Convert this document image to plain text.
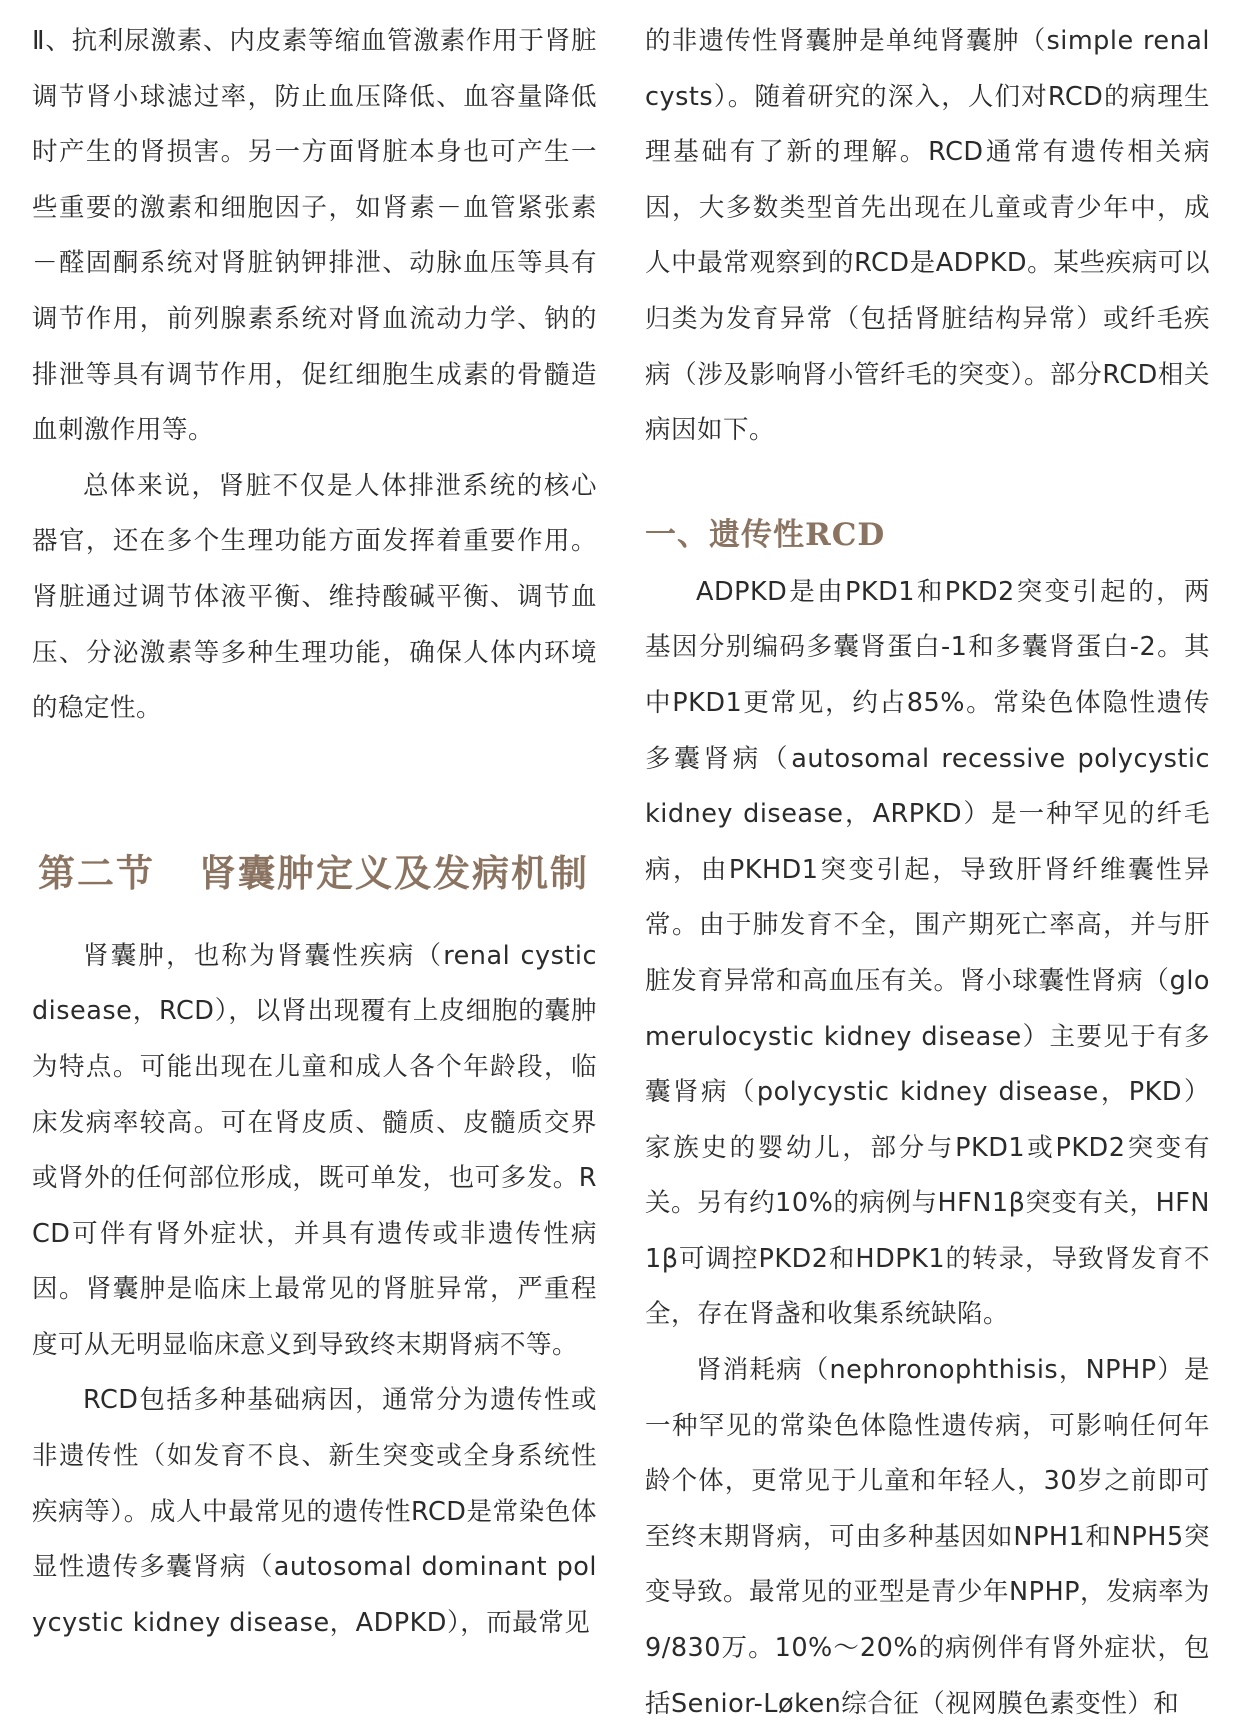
Ⅱ、抗利尿激素、内皮素等缩血管激素作用于肾脏调节肾小球滤过率，防止血压降低、血容量降低时产生的肾损害。另一方面肾脏本身也可产生一些重要的激素和细胞因子，如肾素－血管紧张素－醛固酮系统对肾脏钠钾排泄、动脉血压等具有调节作用，前列腺素系统对肾血流动力学、钠的排泄等具有调节作用，促红细胞生成素的骨髓造血刺激作用等。

总体来说，肾脏不仅是人体排泄系统的核心器官，还在多个生理功能方面发挥着重要作用。肾脏通过调节体液平衡、维持酸碱平衡、调节血压、分泌激素等多种生理功能，确保人体内环境的稳定性。

第二节 肾囊肿定义及发病机制

肾囊肿，也称为肾囊性疾病（renal cystic disease，RCD），以肾出现覆有上皮细胞的囊肿为特点。可能出现在儿童和成人各个年龄段，临床发病率较高。可在肾皮质、髓质、皮髓质交界或肾外的任何部位形成，既可单发，也可多发。RCD可伴有肾外症状，并具有遗传或非遗传性病因。肾囊肿是临床上最常见的肾脏异常，严重程度可从无明显临床意义到导致终末期肾病不等。

RCD包括多种基础病因，通常分为遗传性或非遗传性（如发育不良、新生突变或全身系统性疾病等）。成人中最常见的遗传性RCD是常染色体显性遗传多囊肾病（autosomal dominant polycystic kidney disease，ADPKD），而最常见

的非遗传性肾囊肿是单纯肾囊肿（simple renal cysts）。随着研究的深入，人们对RCD的病理生理基础有了新的理解。RCD通常有遗传相关病因，大多数类型首先出现在儿童或青少年中，成人中最常观察到的RCD是ADPKD。某些疾病可以归类为发育异常（包括肾脏结构异常）或纤毛疾病（涉及影响肾小管纤毛的突变）。部分RCD相关病因如下。

一、遗传性RCD

ADPKD是由PKD1和PKD2突变引起的，两基因分别编码多囊肾蛋白-1和多囊肾蛋白-2。其中PKD1更常见，约占85%。常染色体隐性遗传多囊肾病（autosomal recessive polycystic kidney disease，ARPKD）是一种罕见的纤毛病，由PKHD1突变引起，导致肝肾纤维囊性异常。由于肺发育不全，围产期死亡率高，并与肝脏发育异常和高血压有关。肾小球囊性肾病（glomerulocystic kidney disease）主要见于有多囊肾病（polycystic kidney disease，PKD）家族史的婴幼儿，部分与PKD1或PKD2突变有关。另有约10%的病例与HFN1β突变有关，HFN1β可调控PKD2和HDPK1的转录，导致肾发育不全，存在肾盏和收集系统缺陷。

肾消耗病（nephronophthisis，NPHP）是一种罕见的常染色体隐性遗传病，可影响任何年龄个体，更常见于儿童和年轻人，30岁之前即可至终末期肾病，可由多种基因如NPH1和NPH5突变导致。最常见的亚型是青少年NPHP，发病率为9/830万。10%～20%的病例伴有肾外症状，包括Senior-Løken综合征（视网膜色素变性）和
